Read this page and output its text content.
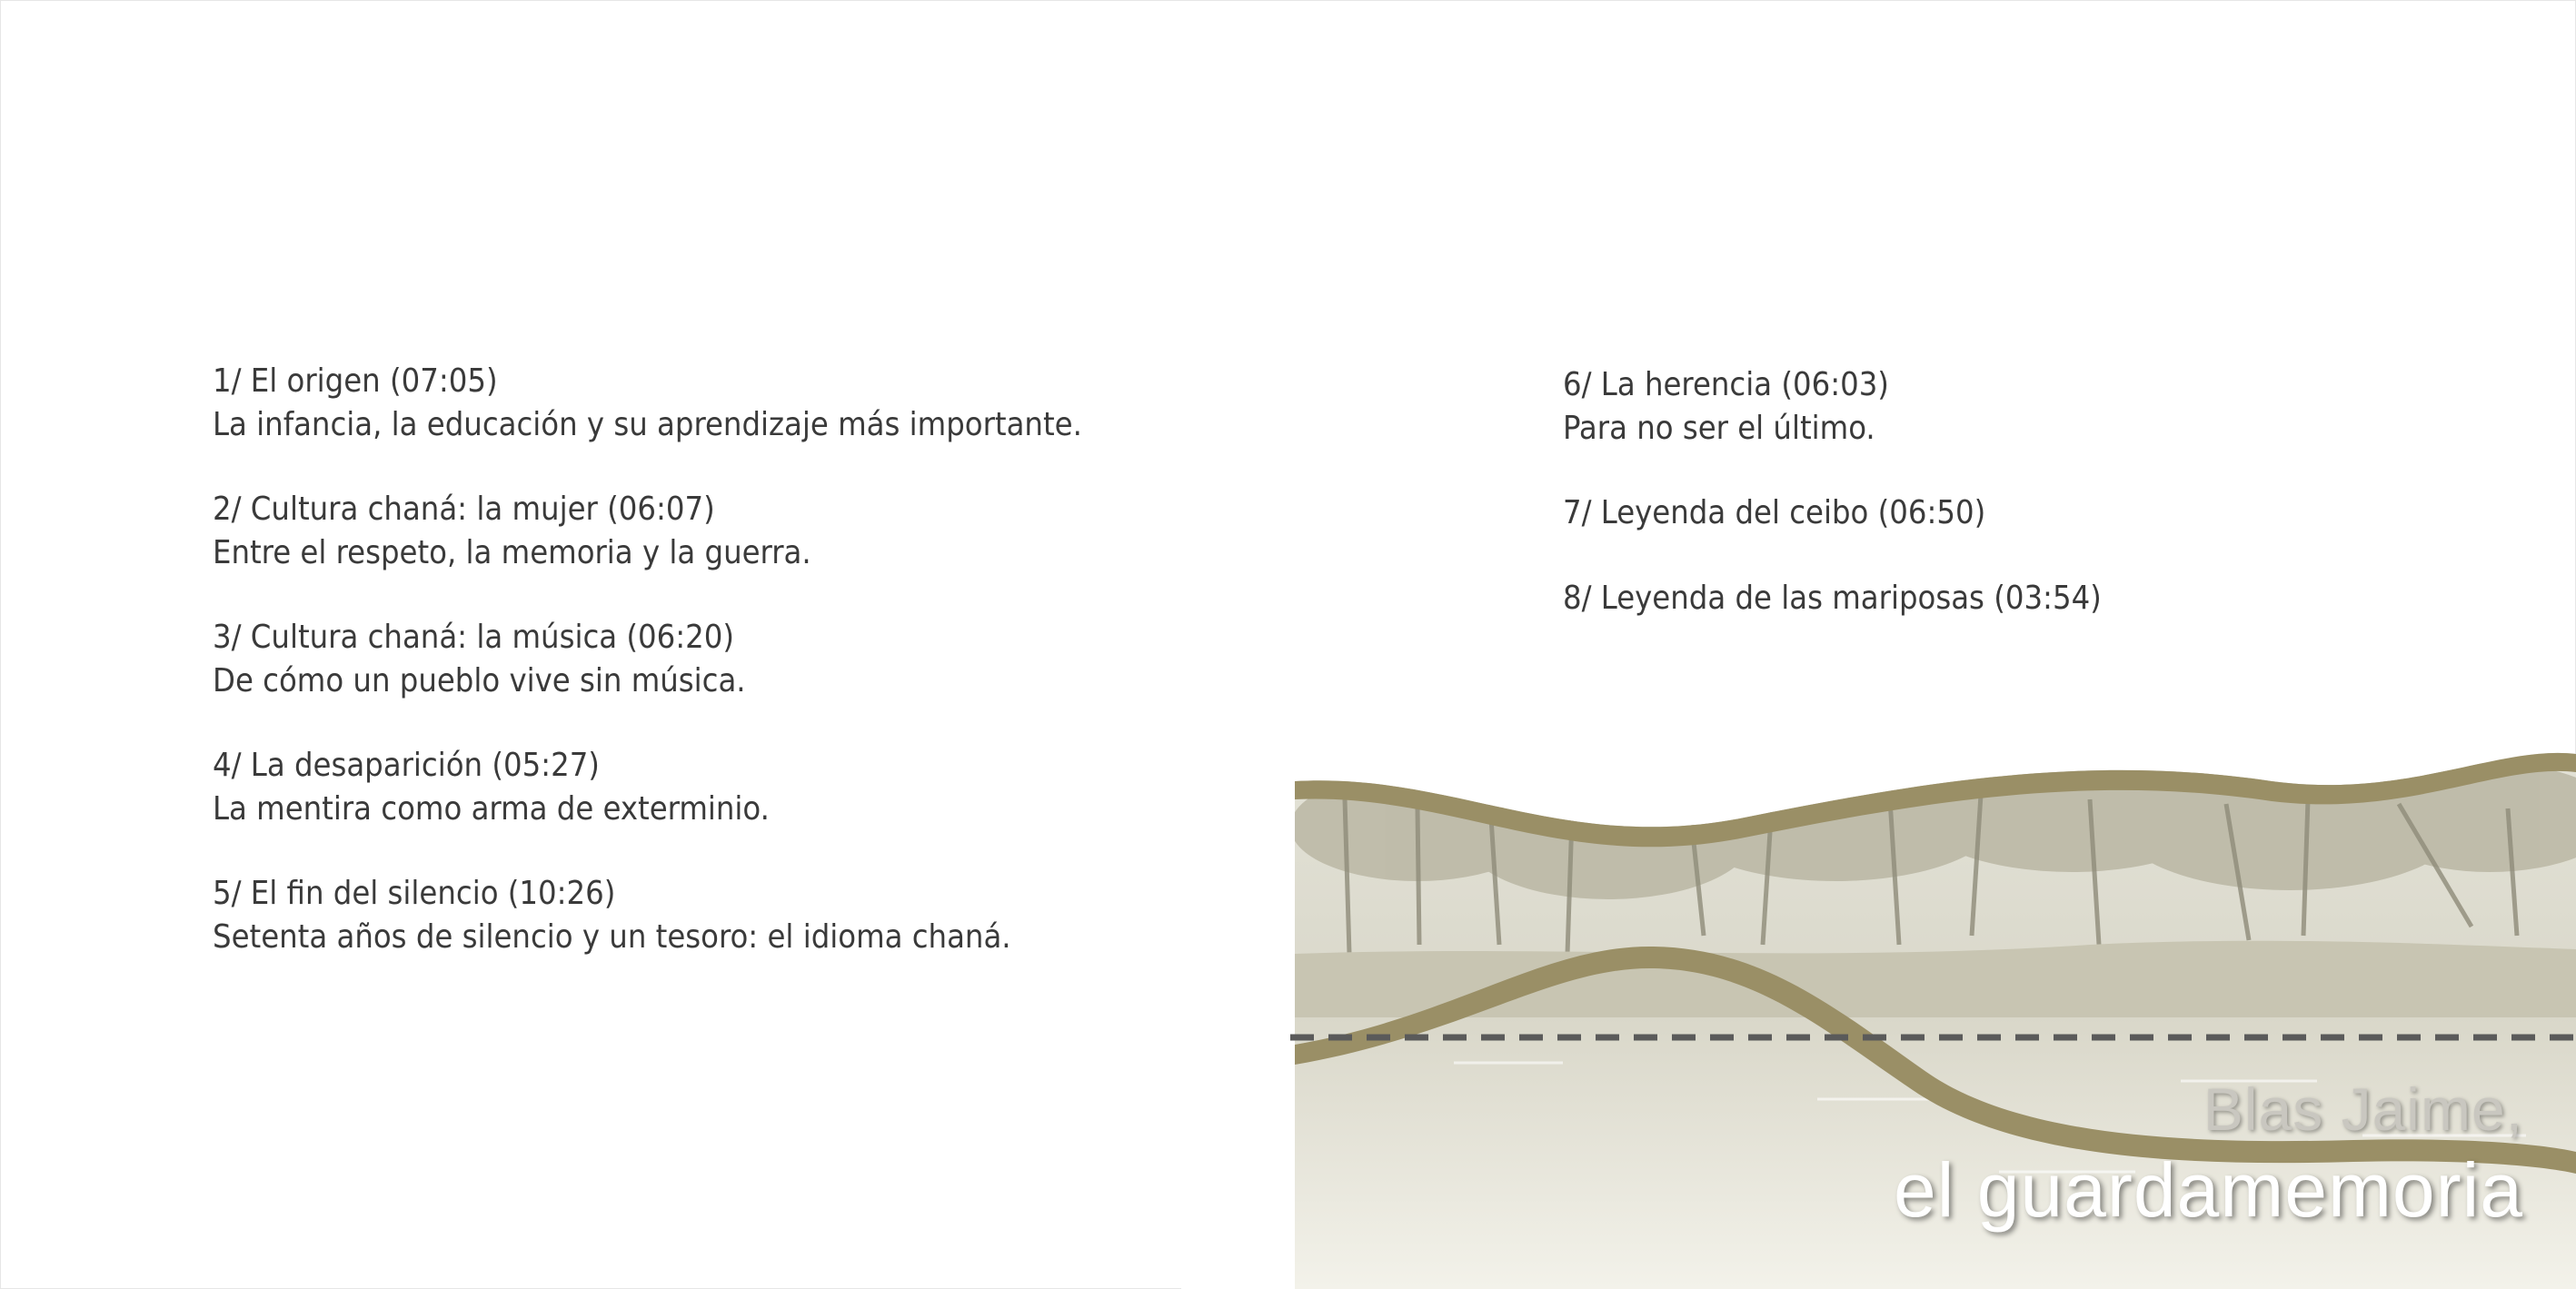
1/ El origen (07:05)
La infancia, la educación y su aprendizaje más importante.
2/ Cultura chaná: la mujer (06:07)
Entre el respeto, la memoria y la guerra.
3/ Cultura chaná: la música (06:20)
De cómo un pueblo vive sin música.
4/ La desaparición (05:27)
La mentira como arma de exterminio.
5/ El fin del silencio (10:26)
Setenta años de silencio y un tesoro: el idioma chaná.
6/ La herencia (06:03)
Para no ser el último.
7/ Leyenda del ceibo (06:50)
8/ Leyenda de las mariposas (03:54)
Blas Jaime,
el guardamemoria
